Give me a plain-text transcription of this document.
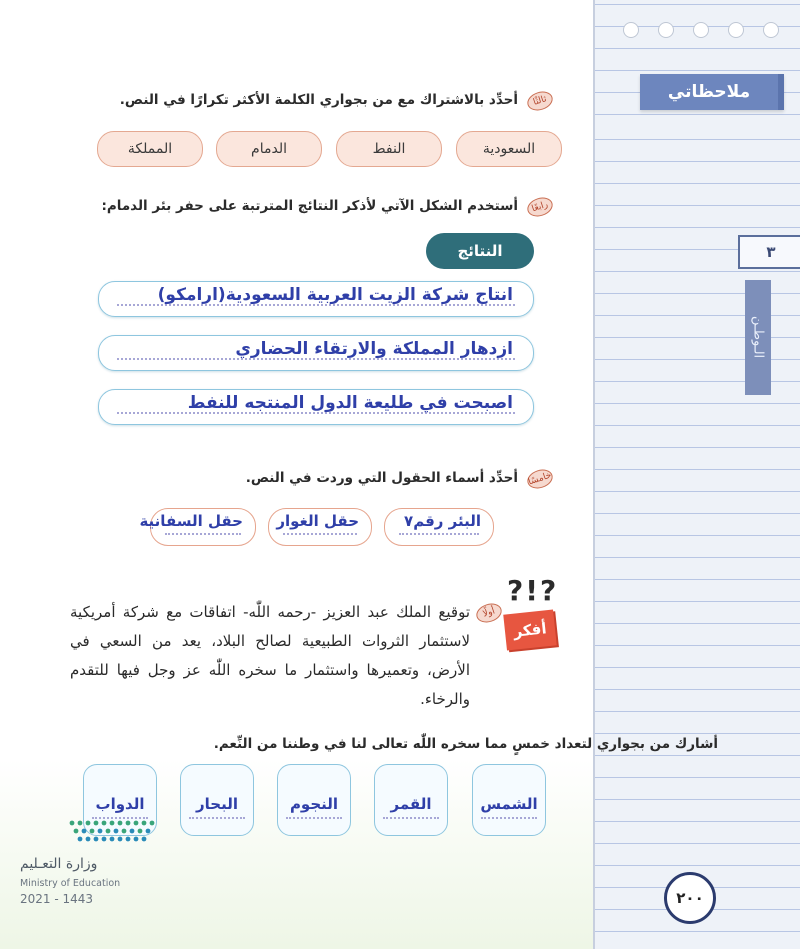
ملاحظاتي
٣
الـوطـن
ثالثًا
أحدِّد بالاشتراك مع من بجواري الكلمة الأكثر تكرارًا في النص.
السعودية
النفط
الدمام
المملكة
رابعًا
أستخدم الشكل الآتي لأذكر النتائج المترتبة على حفر بئر الدمام:
النتائج
انتاج شركة الزيت العربية السعودية(ارامكو)
ازدهار المملكة والارتقاء الحضاري
اصبحت في طليعة الدول المنتجه للنفط
خامسًا
أحدِّد أسماء الحقول التي وردت في النص.
البئر رقم٧
حقل الغوار
حقل السفانية
?!?
أفكر
أولًا
توقيع الملك عبد العزيز -رحمه اللّٰه- اتفاقات مع شركة أمريكية لاستثمار الثروات الطبيعية لصالح البلاد، يعد من السعي في الأرض، وتعميرها واستثمار ما سخره اللّٰه عز وجل فيها للتقدم والرخاء.
أشارك من بجواري لتعداد خمسٍ مما سخره اللّٰه تعالى لنا في وطننا من النِّعم.
الشمس
القمر
النجوم
البحار
الدواب
وزارة التعـليم
Ministry of Education
2021 - 1443	٢٠٠
